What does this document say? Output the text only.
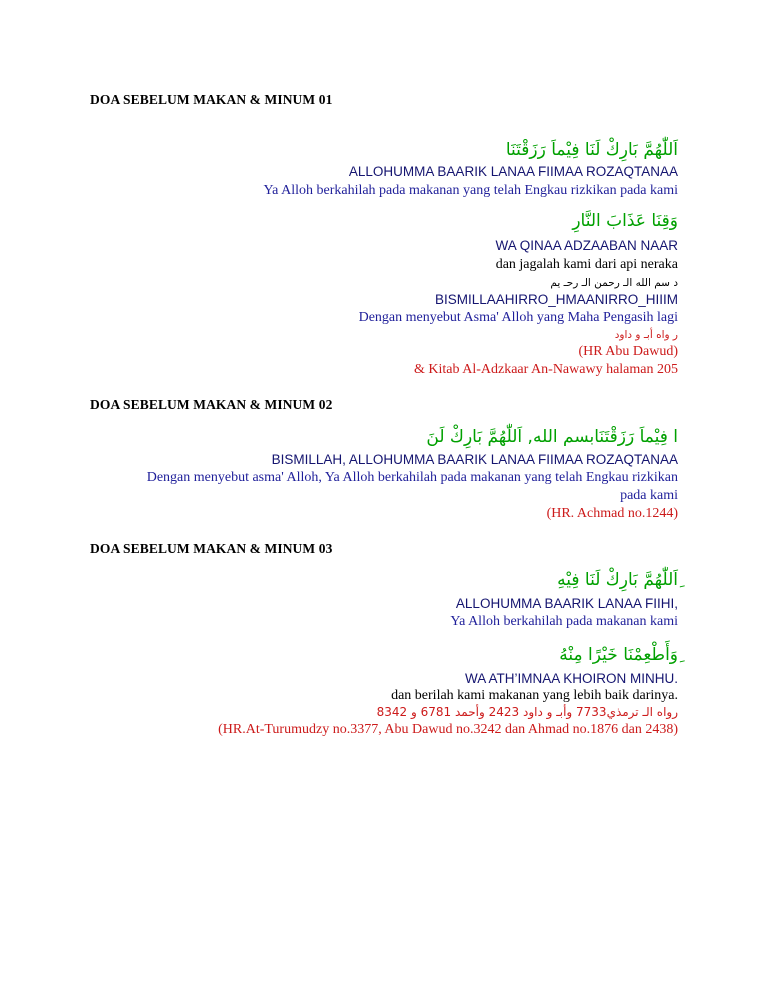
DOA SEBELUM MAKAN & MINUM 01
اَللّٰهُمَّ بَارِكْ لَنَا فِيْماَ رَزَقْتَنَا
ALLOHUMMA BAARIK LANAA FIIMAA ROZAQTANAA
Ya Alloh berkahilah pada makanan yang telah Engkau rizkikan pada kami
وَقِنَا عَذَابَ النَّارِ
WA QINAA ADZAABAN NAAR
dan jagalah kami dari api neraka
د سم الله الـ رحمن الـ رحـ يم
BISMILLAAHIRRO_HMAANIRRO_HIIIM
Dengan menyebut Asma' Alloh yang Maha Pengasih lagi
ر واه أبـ و داود
(HR Abu Dawud)
& Kitab Al-Adzkaar An-Nawawy halaman 205
DOA SEBELUM MAKAN & MINUM 02
ا فِيْماَ رَزَقْتَنَابسم الله, اَللّٰهُمَّ بَارِكْ لَنَ
BISMILLAH, ALLOHUMMA BAARIK LANAA FIIMAA ROZAQTANAA
Dengan menyebut asma' Alloh, Ya Alloh berkahilah pada makanan yang telah Engkau rizkikan
pada kami
(HR. Achmad no.1244)
DOA SEBELUM MAKAN & MINUM 03
ِاَللّٰهُمَّ بَارِكْ لَنَا فِيْهِ
ALLOHUMMA BAARIK LANAA FIIHI,
Ya Alloh berkahilah pada makanan kami
ِوَأَطْعِمْنَا خَيْرًا مِنْهُ
WA ATH’IMNAA KHOIRON MINHU.
dan berilah kami makanan yang lebih baik darinya.
رواه الـ ترمذي7733 وأبـ و داود 2423 وأحمد 6781 و 8342
(HR.At-Turumudzy no.3377, Abu Dawud no.3242 dan Ahmad no.1876 dan 2438)
